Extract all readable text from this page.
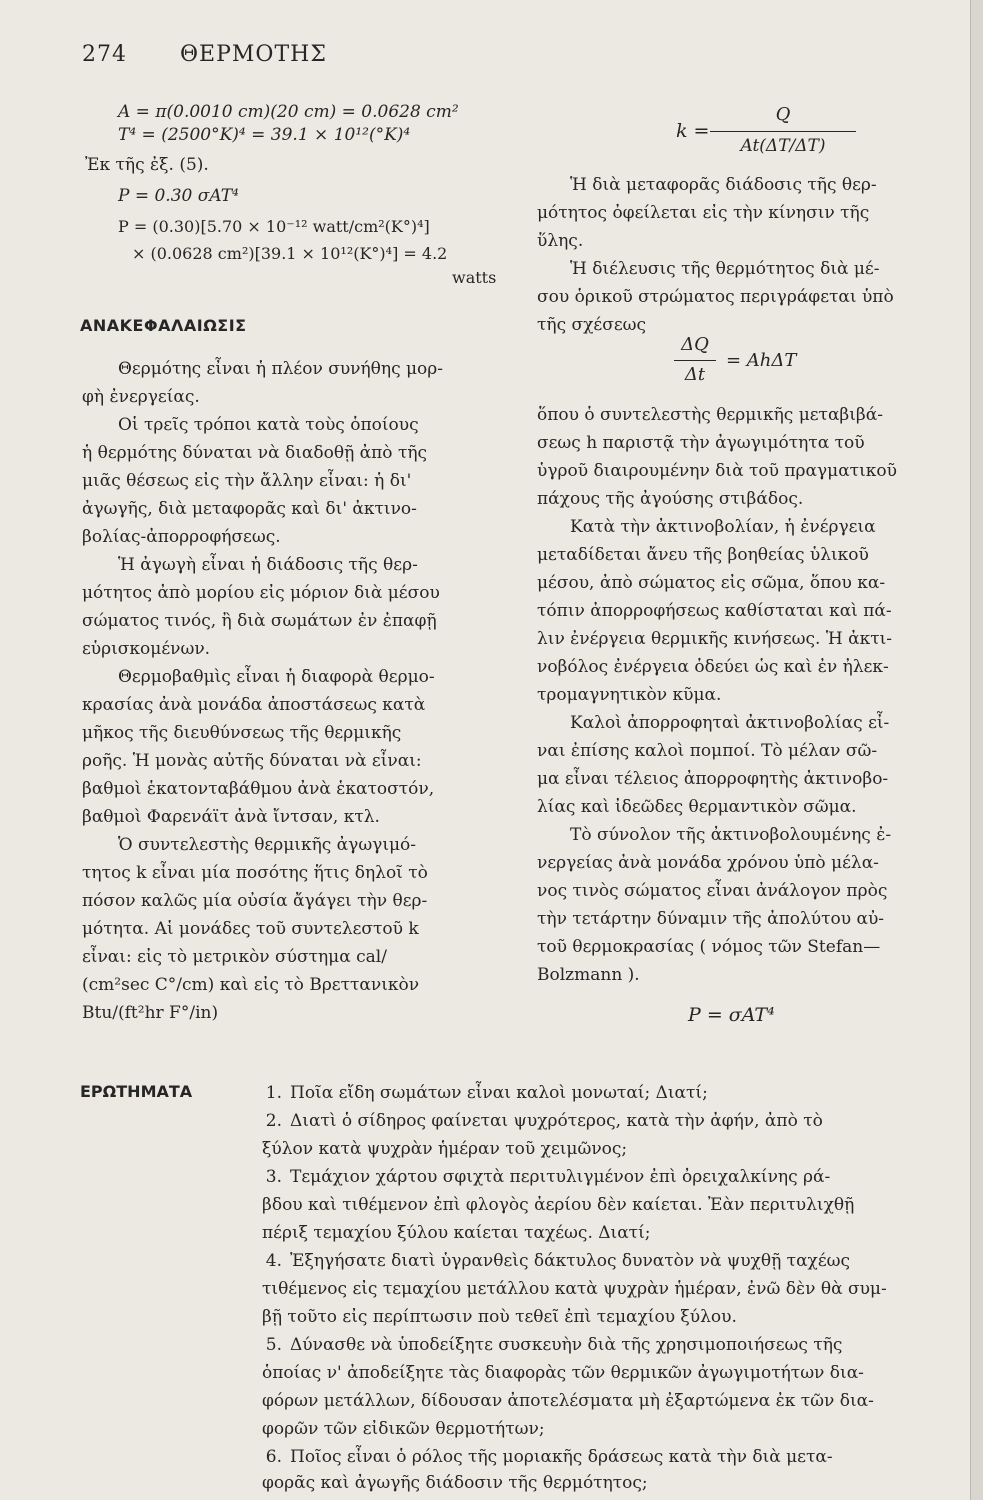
274 ΘΕΡΜΟΤΗΣ
A = π(0.0010 cm)(20 cm) = 0.0628 cm²
T⁴ = (2500°K)⁴ = 39.1 × 10¹²(°K)⁴
Ἐκ τῆς ἐξ. (5).
P = 0.30 σAT⁴
P = (0.30)[5.70 × 10⁻¹² watt/cm²(K°)⁴]
× (0.0628 cm²)[39.1 × 10¹²(K°)⁴] = 4.2
watts
ΑΝΑΚΕΦΑΛΑΙΩΣΙΣ
Θερμότης εἶναι ἡ πλέον συνήθης μορ-
φὴ ἐνεργείας.
Οἱ τρεῖς τρόποι κατὰ τοὺς ὁποίους
ἡ θερμότης δύναται νὰ διαδοθῇ ἀπὸ τῆς
μιᾶς θέσεως εἰς τὴν ἄλλην εἶναι: ἡ δι'
ἀγωγῆς, διὰ μεταφορᾶς καὶ δι' ἀκτινο-
βολίας-ἀπορροφήσεως.
Ἡ ἀγωγὴ εἶναι ἡ διάδοσις τῆς θερ-
μότητος ἀπὸ μορίου εἰς μόριον διὰ μέσου
σώματος τινός, ἢ διὰ σωμάτων ἐν ἐπαφῇ
εὑρισκομένων.
Θερμοβαθμὶς εἶναι ἡ διαφορὰ θερμο-
κρασίας ἀνὰ μονάδα ἀποστάσεως κατὰ
μῆκος τῆς διευθύνσεως τῆς θερμικῆς
ροῆς. Ἡ μονὰς αὐτῆς δύναται νὰ εἶναι:
βαθμοὶ ἑκατονταβάθμου ἀνὰ ἑκατοστόν,
βαθμοὶ Φαρενάϊτ ἀνὰ ἴντσαν, κτλ.
Ὁ συντελεστὴς θερμικῆς ἀγωγιμό-
τητος k εἶναι μία ποσότης ἥτις δηλοῖ τὸ
πόσον καλῶς μία οὐσία ἄγάγει τὴν θερ-
μότητα. Αἱ μονάδες τοῦ συντελεστοῦ k
εἶναι: εἰς τὸ μετρικὸν σύστημα cal/
(cm²sec C°/cm) καὶ εἰς τὸ Βρεττανικὸν
Btu/(ft²hr F°/in)
k =
Q
At(ΔT/ΔT)
Ἡ διὰ μεταφορᾶς διάδοσις τῆς θερ-
μότητος ὀφείλεται εἰς τὴν κίνησιν τῆς
ὕλης.
Ἡ διέλευσις τῆς θερμότητος διὰ μέ-
σου ὁρικοῦ στρώματος περιγράφεται ὑπὸ
τῆς σχέσεως
ΔQ
Δt
= AhΔT
ὅπου ὁ συντελεστὴς θερμικῆς μεταβιβά-
σεως h παριστᾷ τὴν ἀγωγιμότητα τοῦ
ὑγροῦ διαιρουμένην διὰ τοῦ πραγματικοῦ
πάχους τῆς ἀγούσης στιβάδος.
Κατὰ τὴν ἀκτινοβολίαν, ἡ ἐνέργεια
μεταδίδεται ἄνευ τῆς βοηθείας ὑλικοῦ
μέσου, ἀπὸ σώματος εἰς σῶμα, ὅπου κα-
τόπιν ἀπορροφήσεως καθίσταται καὶ πά-
λιν ἐνέργεια θερμικῆς κινήσεως. Ἡ ἀκτι-
νοβόλος ἐνέργεια ὁδεύει ὡς καὶ ἐν ἠλεκ-
τρομαγνητικὸν κῦμα.
Καλοὶ ἀπορροφηταὶ ἀκτινοβολίας εἶ-
ναι ἐπίσης καλοὶ πομποί. Τὸ μέλαν σῶ-
μα εἶναι τέλειος ἀπορροφητὴς ἀκτινοβο-
λίας καὶ ἰδεῶδες θερμαντικὸν σῶμα.
Τὸ σύνολον τῆς ἀκτινοβολουμένης ἐ-
νεργείας ἀνὰ μονάδα χρόνου ὑπὸ μέλα-
νος τινὸς σώματος εἶναι ἀνάλογον πρὸς
τὴν τετάρτην δύναμιν τῆς ἀπολύτου αὐ-
τοῦ θερμοκρασίας ( νόμος τῶν Stefan—
Bolzmann ).
P = σAT⁴
ΕΡΩΤΗΜΑΤΑ	1. Ποῖα εἴδη σωμάτων εἶναι καλοὶ μονωταί; Διατί;
2. Διατὶ ὁ σίδηρος φαίνεται ψυχρότερος, κατὰ τὴν ἀφήν, ἀπὸ τὸ
ξύλον κατὰ ψυχρὰν ἡμέραν τοῦ χειμῶνος;
3. Τεμάχιον χάρτου σφιχτὰ περιτυλιγμένον ἐπὶ ὀρειχαλκίνης ρά-
βδου καὶ τιθέμενον ἐπὶ φλογὸς ἀερίου δὲν καίεται. Ἐὰν περιτυλιχθῇ
πέριξ τεμαχίου ξύλου καίεται ταχέως. Διατί;
4. Ἐξηγήσατε διατὶ ὑγρανθεὶς δάκτυλος δυνατὸν νὰ ψυχθῇ ταχέως
τιθέμενος εἰς τεμαχίου μετάλλου κατὰ ψυχρὰν ἡμέραν, ἐνῶ δὲν θὰ συμ-
βῇ τοῦτο εἰς περίπτωσιν ποὺ τεθεῖ ἐπὶ τεμαχίου ξύλου.
5. Δύνασθε νὰ ὑποδείξητε συσκευὴν διὰ τῆς χρησιμοποιήσεως τῆς
ὁποίας ν' ἀποδείξητε τὰς διαφορὰς τῶν θερμικῶν ἀγωγιμοτήτων δια-
φόρων μετάλλων, δίδουσαν ἀποτελέσματα μὴ ἐξαρτώμενα ἐκ τῶν δια-
φορῶν τῶν εἰδικῶν θερμοτήτων;
6. Ποῖος εἶναι ὁ ρόλος τῆς μοριακῆς δράσεως κατὰ τὴν διὰ μετα-
φορᾶς καὶ ἀγωγῆς διάδοσιν τῆς θερμότητος;
